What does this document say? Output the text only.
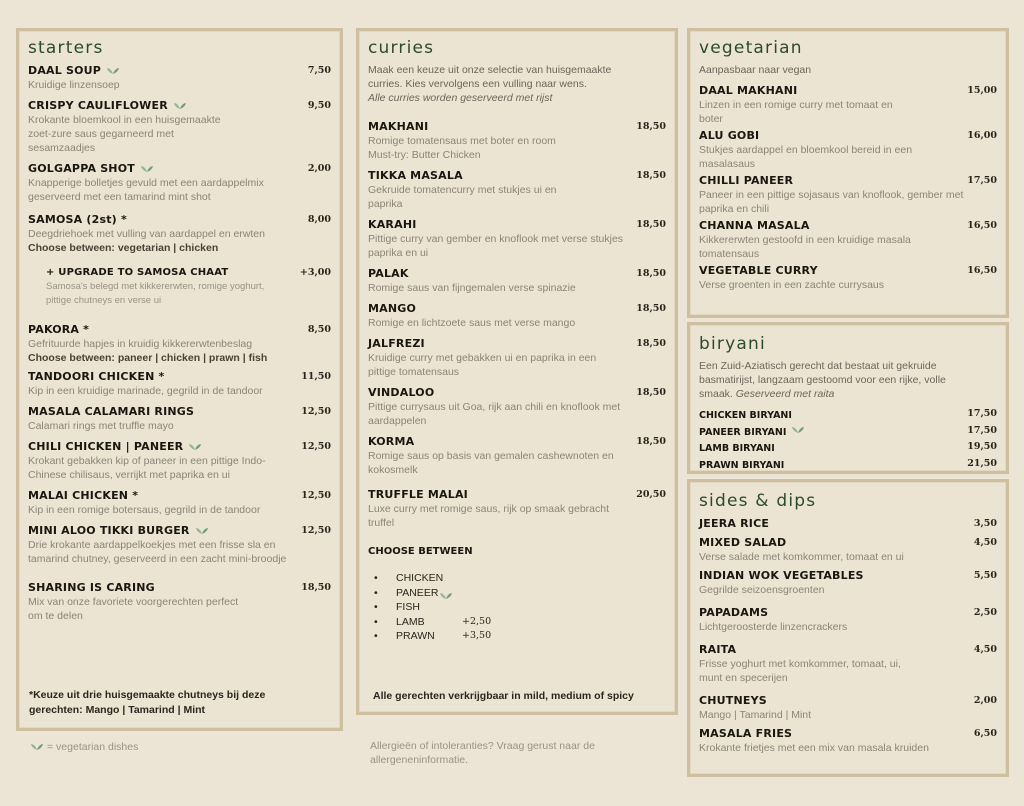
starters
DAAL SOUP	7,50
Kruidige linzensoep
CRISPY CAULIFLOWER	9,50
Krokante bloemkool in een huisgemaakte zoet-zure saus gegarneerd met sesamzaadjes
GOLGAPPA SHOT	2,00
Knapperige bolletjes gevuld met een aardappelmix geserveerd met een tamarind mint shot
SAMOSA (2st) *	8,00
Deegdriehoek met vulling van aardappel en erwten
Choose between: vegetarian | chicken
+ UPGRADE TO SAMOSA CHAAT	+3,00
Samosa's belegd met kikkererwten, romige yoghurt, pittige chutneys en verse ui
PAKORA *	8,50
Gefrituurde hapjes in kruidig kikkererwtenbeslag
Choose between: paneer | chicken | prawn | fish
TANDOORI CHICKEN *	11,50
Kip in een kruidige marinade, gegrild in de tandoor
MASALA CALAMARI RINGS	12,50
Calamari rings met truffle mayo
CHILI CHICKEN | PANEER	12,50
Krokant gebakken kip of paneer in een pittige Indo-Chinese chilisaus, verrijkt met paprika en ui
MALAI CHICKEN *	12,50
Kip in een romige botersaus, gegrild in de tandoor
MINI ALOO TIKKI BURGER	12,50
Drie krokante aardappelkoekjes met een frisse sla en tamarind chutney, geserveerd in een zacht mini-broodje
SHARING IS CARING	18,50
Mix van onze favoriete voorgerechten perfect om te delen
*Keuze uit drie huisgemaakte chutneys bij deze gerechten: Mango | Tamarind | Mint
= vegetarian dishes
curries
Maak een keuze uit onze selectie van huisgemaakte curries. Kies vervolgens een vulling naar wens.
Alle curries worden geserveerd met rijst
MAKHANI	18,50
Romige tomatensaus met boter en room
Must-try: Butter Chicken
TIKKA MASALA	18,50
Gekruide tomatencurry met stukjes ui en paprika
KARAHI	18,50
Pittige curry van gember en knoflook met verse stukjes paprika en ui
PALAK	18,50
Romige saus van fijngemalen verse spinazie
MANGO	18,50
Romige en lichtzoete saus met verse mango
JALFREZI	18,50
Kruidige curry met gebakken ui en paprika in een pittige tomatensaus
VINDALOO	18,50
Pittige currysaus uit Goa, rijk aan chili en knoflook met aardappelen
KORMA	18,50
Romige saus op basis van gemalen cashewnoten en kokosmelk
TRUFFLE MALAI	20,50
Luxe curry met romige saus, rijk op smaak gebracht truffel
CHOOSE BETWEEN
• CHICKEN
• PANEER
• FISH
• LAMB	+2,50
• PRAWN	+3,50
Alle gerechten verkrijgbaar in mild, medium of spicy
Allergieën of intoleranties? Vraag gerust naar de allergeneninformatie.
vegetarian
Aanpasbaar naar vegan
DAAL MAKHANI	15,00
Linzen in een romige curry met tomaat en boter
ALU GOBI	16,00
Stukjes aardappel en bloemkool bereid in een masalasaus
CHILLI PANEER	17,50
Paneer in een pittige sojasaus van knoflook, gember met paprika en chili
CHANNA MASALA	16,50
Kikkererwten gestoofd in een kruidige masala tomatensaus
VEGETABLE CURRY	16,50
Verse groenten in een zachte currysaus
biryani
Een Zuid-Aziatisch gerecht dat bestaat uit gekruide basmatirijst, langzaam gestoomd voor een rijke, volle smaak. Geserveerd met raita
CHICKEN BIRYANI	17,50
PANEER BIRYANI	17,50
LAMB BIRYANI	19,50
PRAWN BIRYANI	21,50
sides & dips
JEERA RICE	3,50
MIXED SALAD	4,50
Verse salade met komkommer, tomaat en ui
INDIAN WOK VEGETABLES	5,50
Gegrilde seizoensgroenten
PAPADAMS	2,50
Lichtgeroosterde linzencrackers
RAITA	4,50
Frisse yoghurt met komkommer, tomaat, ui, munt en specerijen
CHUTNEYS	2,00
Mango | Tamarind | Mint
MASALA FRIES	6,50
Krokante frietjes met een mix van masala kruiden
